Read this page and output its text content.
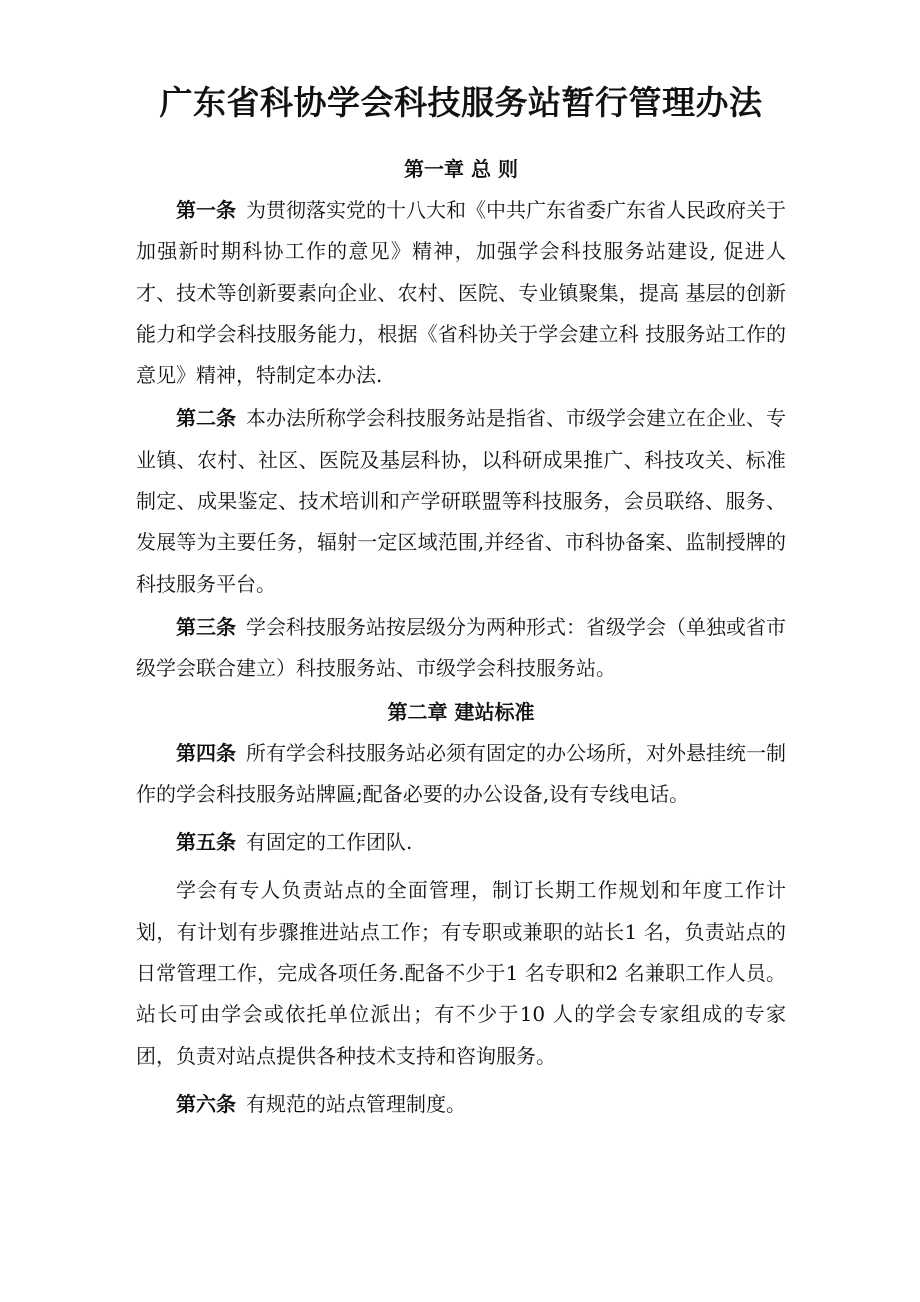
广东省科协学会科技服务站暂行管理办法

第一章 总 则

第一条 为贯彻落实党的十八大和《中共广东省委广东省人民政府关于加强新时期科协工作的意见》精神，加强学会科技服务站建设, 促进人才、技术等创新要素向企业、农村、医院、专业镇聚集，提高 基层的创新能力和学会科技服务能力，根据《省科协关于学会建立科 技服务站工作的意见》精神，特制定本办法.

第二条 本办法所称学会科技服务站是指省、市级学会建立在企业、专业镇、农村、社区、医院及基层科协，以科研成果推广、科技攻关、标准制定、成果鉴定、技术培训和产学研联盟等科技服务，会员联络、服务、发展等为主要任务，辐射一定区域范围,并经省、市科协备案、监制授牌的科技服务平台。

第三条 学会科技服务站按层级分为两种形式：省级学会（单独或省市级学会联合建立）科技服务站、市级学会科技服务站。

第二章 建站标准

第四条 所有学会科技服务站必须有固定的办公场所，对外悬挂统一制作的学会科技服务站牌匾;配备必要的办公设备,设有专线电话。

第五条 有固定的工作团队.

学会有专人负责站点的全面管理，制订长期工作规划和年度工作计划，有计划有步骤推进站点工作；有专职或兼职的站长1 名，负责站点的日常管理工作，完成各项任务.配备不少于1 名专职和2 名兼职工作人员。站长可由学会或依托单位派出；有不少于10 人的学会专家组成的专家团，负责对站点提供各种技术支持和咨询服务。

第六条 有规范的站点管理制度。
